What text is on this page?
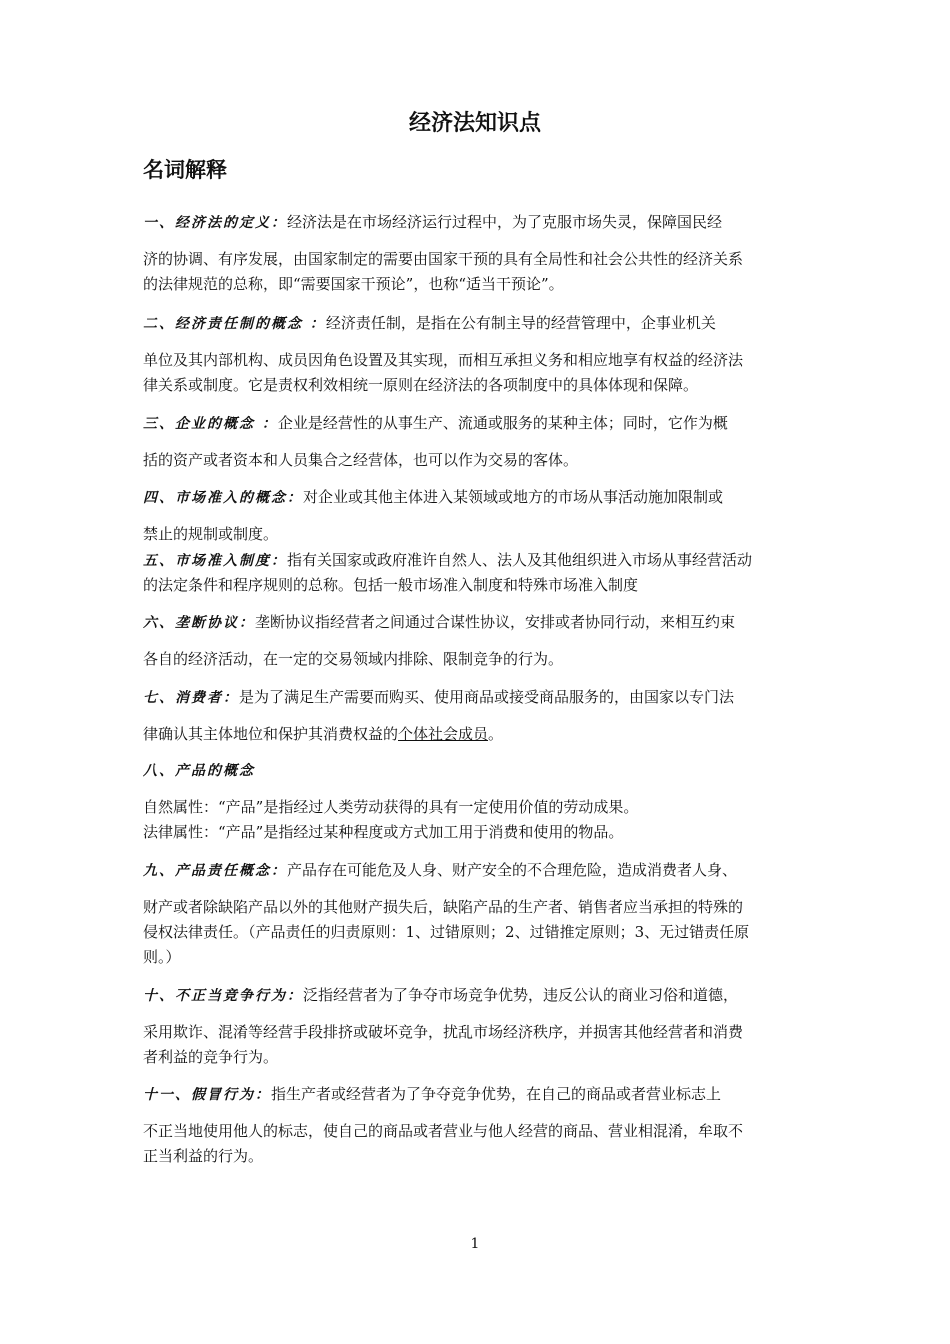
经济法知识点
名词解释
一、经济法的定义：经济法是在市场经济运行过程中，为了克服市场失灵，保障国民经
济的协调、有序发展，由国家制定的需要由国家干预的具有全局性和社会公共性的经济关系
的法律规范的总称，即“需要国家干预论”，也称“适当干预论”。
二、经济责任制的概念 ：经济责任制，是指在公有制主导的经营管理中，企事业机关
单位及其内部机构、成员因角色设置及其实现，而相互承担义务和相应地享有权益的经济法
律关系或制度。它是责权利效相统一原则在经济法的各项制度中的具体体现和保障。
三、企业的概念 ：企业是经营性的从事生产、流通或服务的某种主体；同时，它作为概
括的资产或者资本和人员集合之经营体，也可以作为交易的客体。
四、市场准入的概念：对企业或其他主体进入某领域或地方的市场从事活动施加限制或
禁止的规制或制度。
五、市场准入制度：指有关国家或政府准许自然人、法人及其他组织进入市场从事经营活动
的法定条件和程序规则的总称。包括一般市场准入制度和特殊市场准入制度
六、垄断协议：垄断协议指经营者之间通过合谋性协议，安排或者协同行动，来相互约束
各自的经济活动，在一定的交易领域内排除、限制竞争的行为。
七、消费者：是为了满足生产需要而购买、使用商品或接受商品服务的，由国家以专门法
律确认其主体地位和保护其消费权益的个体社会成员。
八、产品的概念
自然属性：“产品”是指经过人类劳动获得的具有一定使用价值的劳动成果。
法律属性：“产品”是指经过某种程度或方式加工用于消费和使用的物品。
九、产品责任概念：产品存在可能危及人身、财产安全的不合理危险，造成消费者人身、
财产或者除缺陷产品以外的其他财产损失后，缺陷产品的生产者、销售者应当承担的特殊的
侵权法律责任。（产品责任的归责原则：1、过错原则；2、过错推定原则；3、无过错责任原
则。）
十、不正当竞争行为：泛指经营者为了争夺市场竞争优势，违反公认的商业习俗和道德，
采用欺诈、混淆等经营手段排挤或破坏竞争，扰乱市场经济秩序，并损害其他经营者和消费
者利益的竞争行为。
十一、假冒行为：指生产者或经营者为了争夺竞争优势，在自己的商品或者营业标志上
不正当地使用他人的标志，使自己的商品或者营业与他人经营的商品、营业相混淆，牟取不
正当利益的行为。
1
